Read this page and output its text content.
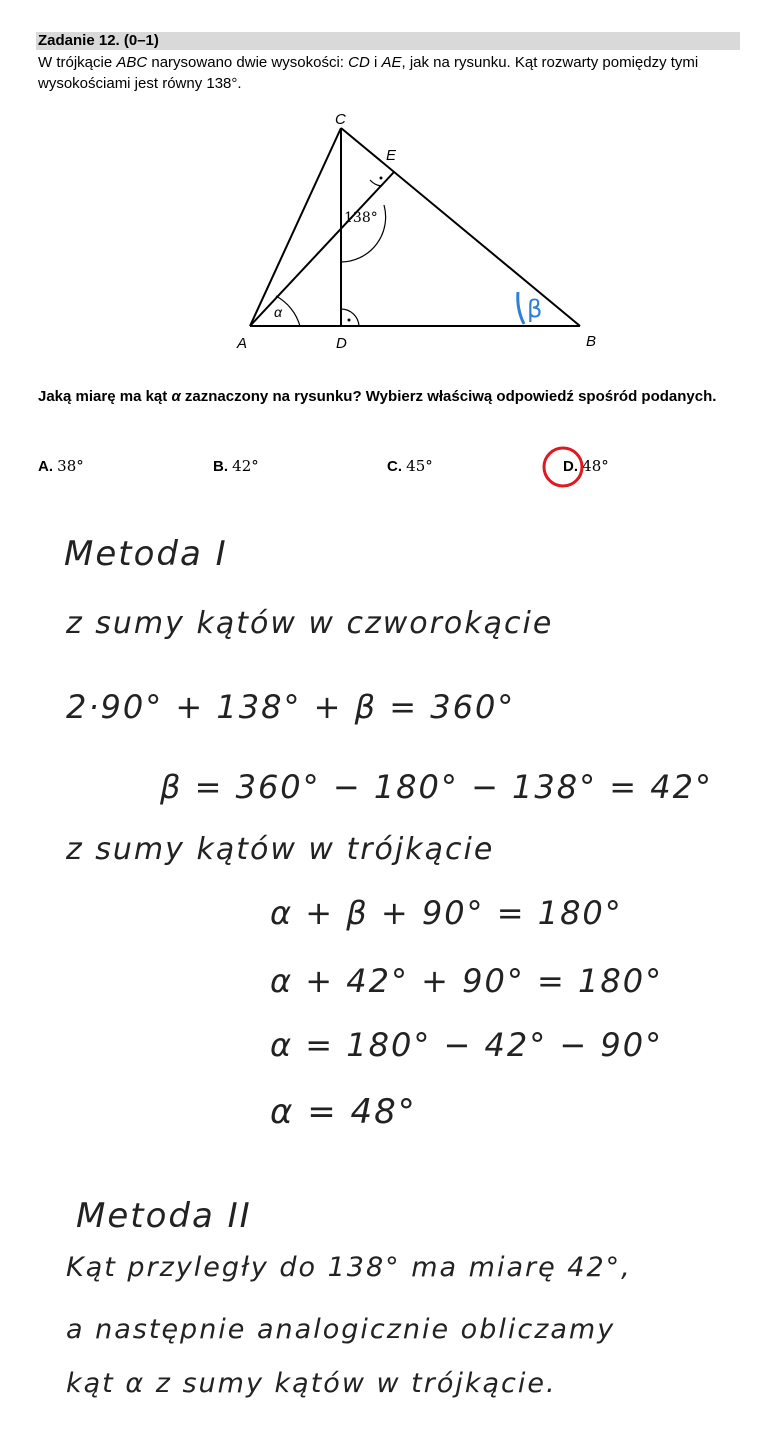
Zadanie 12. (0–1)
W trójkącie ABC narysowano dwie wysokości: CD i AE, jak na rysunku. Kąt rozwarty pomiędzy tymi wysokościami jest równy 138°.
C
E
A	D	B
138°
α	β
Jaką miarę ma kąt α zaznaczony na rysunku? Wybierz właściwą odpowiedź spośród podanych.
A. 38°	B. 42°	C. 45°	D. 48°
Metoda I
z sumy kątów w czworokącie
2·90° + 138° + β = 360°
β = 360° − 180° − 138° = 42°
z sumy kątów w trójkącie
α + β + 90° = 180°
α + 42° + 90° = 180°
α = 180° − 42° − 90°
α = 48°
Metoda II
Kąt przyległy do 138° ma miarę 42°,
a następnie analogicznie obliczamy
kąt α z sumy kątów w trójkącie.
